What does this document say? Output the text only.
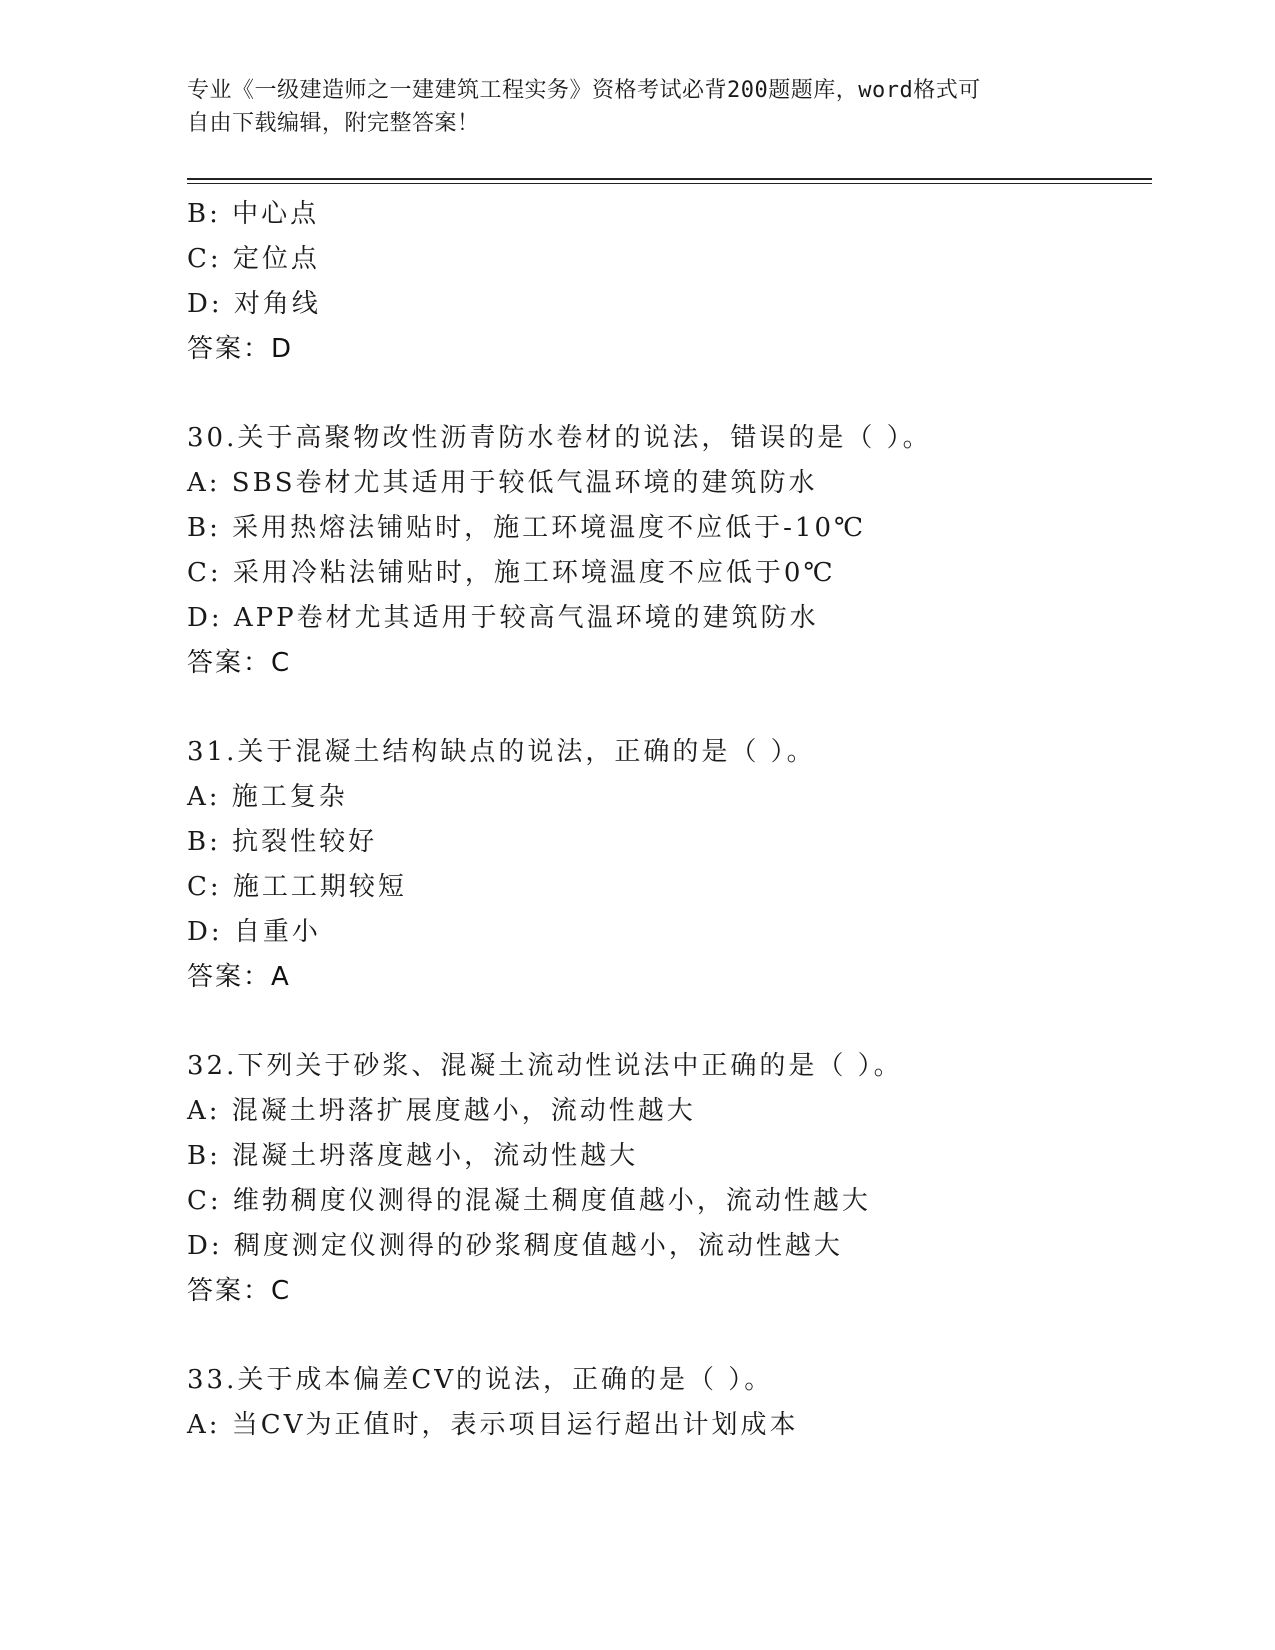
专业《一级建造师之一建建筑工程实务》资格考试必背200题题库，word格式可
自由下载编辑，附完整答案！
B: 中心点
C: 定位点
D: 对角线
答案：D
30.关于高聚物改性沥青防水卷材的说法，错误的是（ ）。
A: SBS卷材尤其适用于较低气温环境的建筑防水
B: 采用热熔法铺贴时，施工环境温度不应低于-10℃
C: 采用冷粘法铺贴时，施工环境温度不应低于0℃
D: APP卷材尤其适用于较高气温环境的建筑防水
答案：C
31.关于混凝土结构缺点的说法，正确的是（ ）。
A: 施工复杂
B: 抗裂性较好
C: 施工工期较短
D: 自重小
答案：A
32.下列关于砂浆、混凝土流动性说法中正确的是（ ）。
A: 混凝土坍落扩展度越小，流动性越大
B: 混凝土坍落度越小，流动性越大
C: 维勃稠度仪测得的混凝土稠度值越小，流动性越大
D: 稠度测定仪测得的砂浆稠度值越小，流动性越大
答案：C
33.关于成本偏差CV的说法，正确的是（ ）。
A: 当CV为正值时，表示项目运行超出计划成本
